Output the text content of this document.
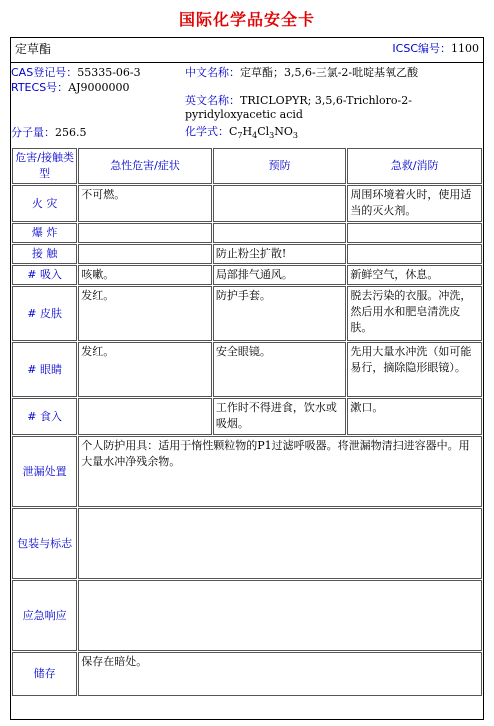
国际化学品安全卡
定草酯	ICSC编号：1100
CAS登记号：55335-06-3
RTECS号：AJ9000000
中文名称：定草酯；3,5,6-三氯-2-吡啶基氧乙酸
英文名称：TRICLOPYR; 3,5,6-Trichloro-2-
pyridyloxyacetic acid
分子量：256.5	化学式：$C_7H_4Cl_3NO_3$
危害/接触类型	急性危害/症状	预防	急救/消防
火 灾	不可燃。		周围环境着火时，使用适当的灭火剂。
爆 炸			
接 触		防止粉尘扩散!	
# 吸入	咳嗽。	局部排气通风。	新鲜空气，休息。
# 皮肤	发红。	防护手套。	脱去污染的衣服。冲洗，然后用水和肥皂清洗皮肤。
# 眼睛	发红。	安全眼镜。	先用大量水冲洗（如可能易行，摘除隐形眼镜）。
# 食入		工作时不得进食，饮水或吸烟。	漱口。
泄漏处置	个人防护用具：适用于惰性颗粒物的P1过滤呼吸器。将泄漏物清扫进容器中。用大量水冲净残余物。		
包装与标志			
应急响应			
储存	保存在暗处。		
